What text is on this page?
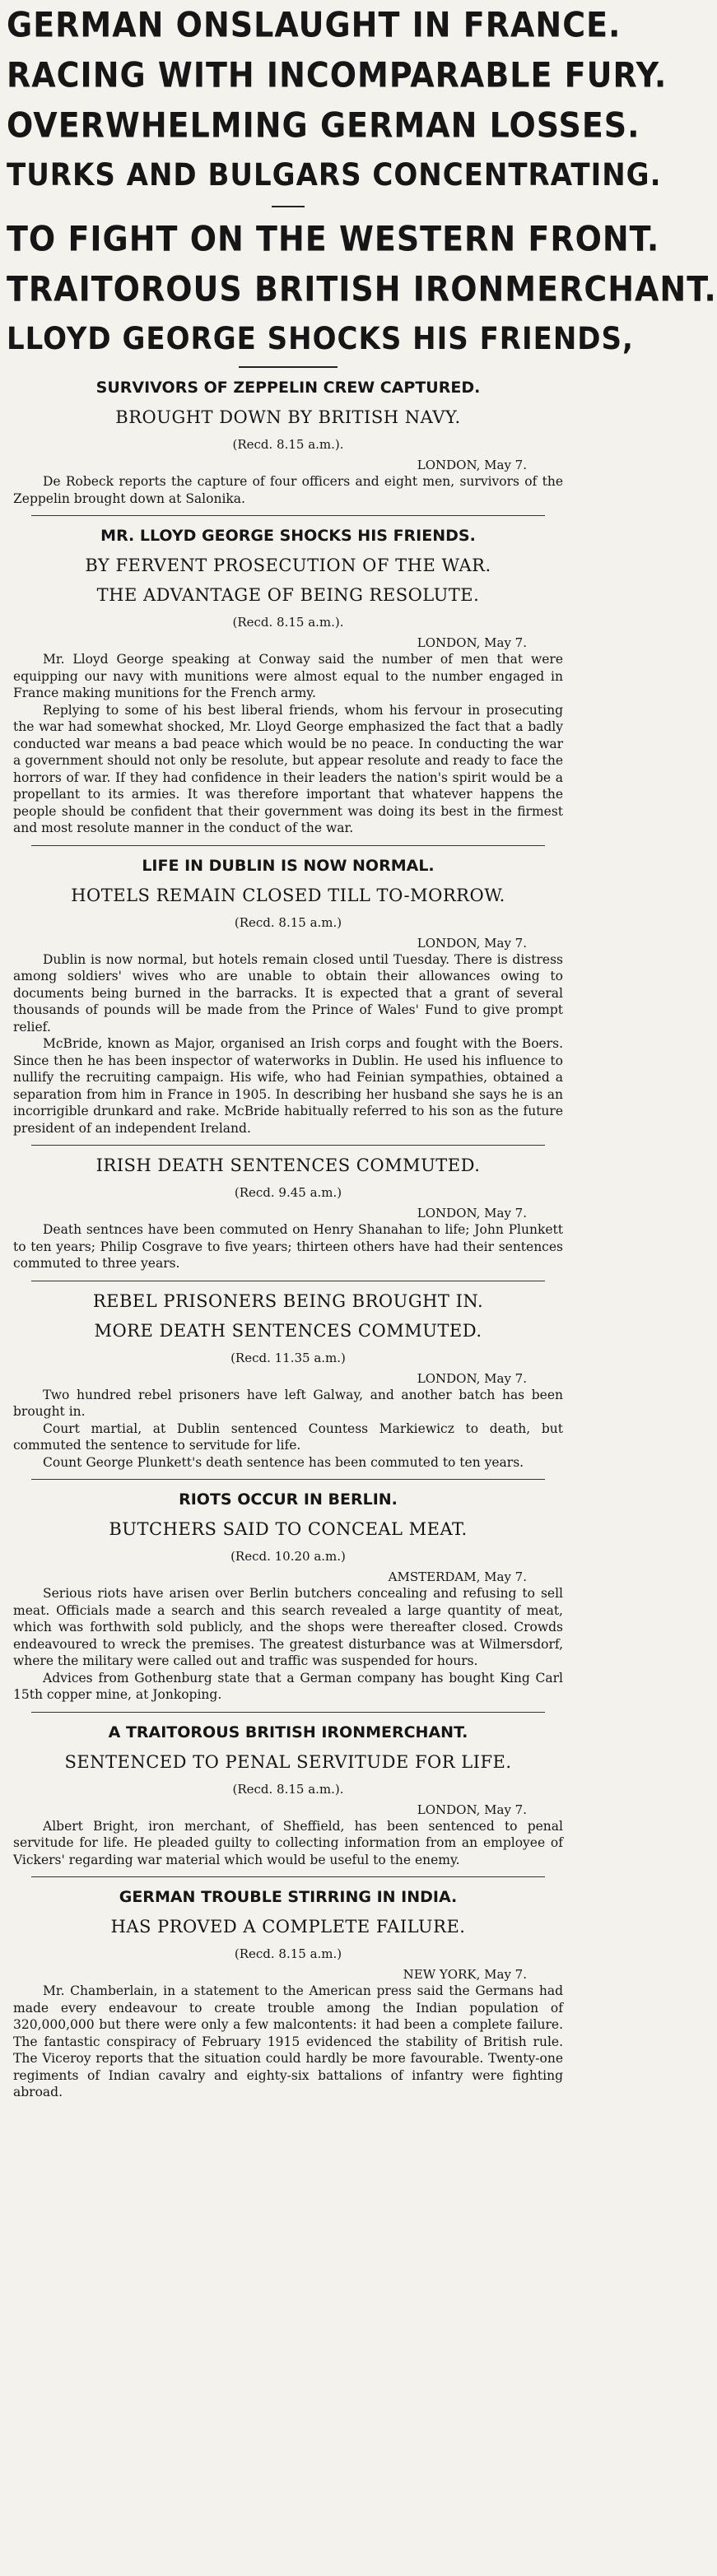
GERMAN ONSLAUGHT IN FRANCE.
RACING WITH INCOMPARABLE FURY.
OVERWHELMING GERMAN LOSSES.
TURKS AND BULGARS CONCENTRATING.
TO FIGHT ON THE WESTERN FRONT.
TRAITOROUS BRITISH IRONMERCHANT.
LLOYD GEORGE SHOCKS HIS FRIENDS,
SURVIVORS OF ZEPPELIN CREW CAPTURED.
BROUGHT DOWN BY BRITISH NAVY.
(Recd. 8.15 a.m.).
LONDON, May 7.

De Robeck reports the capture of four officers and eight men, survivors of the Zeppelin brought down at Salonika.

MR. LLOYD GEORGE SHOCKS HIS FRIENDS.
BY FERVENT PROSECUTION OF THE WAR.
THE ADVANTAGE OF BEING RESOLUTE.
(Recd. 8.15 a.m.).
LONDON, May 7.

Mr. Lloyd George speaking at Conway said the number of men that were equipping our navy with munitions were almost equal to the number engaged in France making munitions for the French army.

Replying to some of his best liberal friends, whom his fervour in prosecuting the war had somewhat shocked, Mr. Lloyd George emphasized the fact that a badly conducted war means a bad peace which would be no peace. In conducting the war a government should not only be resolute, but appear resolute and ready to face the horrors of war. If they had confidence in their leaders the nation's spirit would be a propellant to its armies. It was therefore important that whatever happens the people should be confident that their government was doing its best in the firmest and most resolute manner in the conduct of the war.

LIFE IN DUBLIN IS NOW NORMAL.
HOTELS REMAIN CLOSED TILL TO-MORROW.
(Recd. 8.15 a.m.)
LONDON, May 7.

Dublin is now normal, but hotels remain closed until Tuesday. There is distress among soldiers' wives who are unable to obtain their allowances owing to documents being burned in the barracks. It is expected that a grant of several thousands of pounds will be made from the Prince of Wales' Fund to give prompt relief.

McBride, known as Major, organised an Irish corps and fought with the Boers. Since then he has been inspector of waterworks in Dublin. He used his influence to nullify the recruiting campaign. His wife, who had Feinian sympathies, obtained a separation from him in France in 1905. In describing her husband she says he is an incorrigible drunkard and rake. McBride habitually referred to his son as the future president of an independent Ireland.

IRISH DEATH SENTENCES COMMUTED.
(Recd. 9.45 a.m.)
LONDON, May 7.

Death sentnces have been commuted on Henry Shanahan to life; John Plunkett to ten years; Philip Cosgrave to five years; thirteen others have had their sentences commuted to three years.

REBEL PRISONERS BEING BROUGHT IN.
MORE DEATH SENTENCES COMMUTED.
(Recd. 11.35 a.m.)
LONDON, May 7.

Two hundred rebel prisoners have left Galway, and another batch has been brought in.

Court martial, at Dublin sentenced Countess Markiewicz to death, but commuted the sentence to servitude for life.

Count George Plunkett's death sentence has been commuted to ten years.

RIOTS OCCUR IN BERLIN.
BUTCHERS SAID TO CONCEAL MEAT.
(Recd. 10.20 a.m.)
AMSTERDAM, May 7.

Serious riots have arisen over Berlin butchers concealing and refusing to sell meat. Officials made a search and this search revealed a large quantity of meat, which was forthwith sold publicly, and the shops were thereafter closed. Crowds endeavoured to wreck the premises. The greatest disturbance was at Wilmersdorf, where the military were called out and traffic was suspended for hours.

Advices from Gothenburg state that a German company has bought King Carl 15th copper mine, at Jonkoping.

A TRAITOROUS BRITISH IRONMERCHANT.
SENTENCED TO PENAL SERVITUDE FOR LIFE.
(Recd. 8.15 a.m.).
LONDON, May 7.

Albert Bright, iron merchant, of Sheffield, has been sentenced to penal servitude for life. He pleaded guilty to collecting information from an employee of Vickers' regarding war material which would be useful to the enemy.

GERMAN TROUBLE STIRRING IN INDIA.
HAS PROVED A COMPLETE FAILURE.
(Recd. 8.15 a.m.)
NEW YORK, May 7.

Mr. Chamberlain, in a statement to the American press said the Germans had made every endeavour to create trouble among the Indian population of 320,000,000 but there were only a few malcontents: it had been a complete failure. The fantastic conspiracy of February 1915 evidenced the stability of British rule. The Viceroy reports that the situation could hardly be more favourable. Twenty-one regiments of Indian cavalry and eighty-six battalions of infantry were fighting abroad.
